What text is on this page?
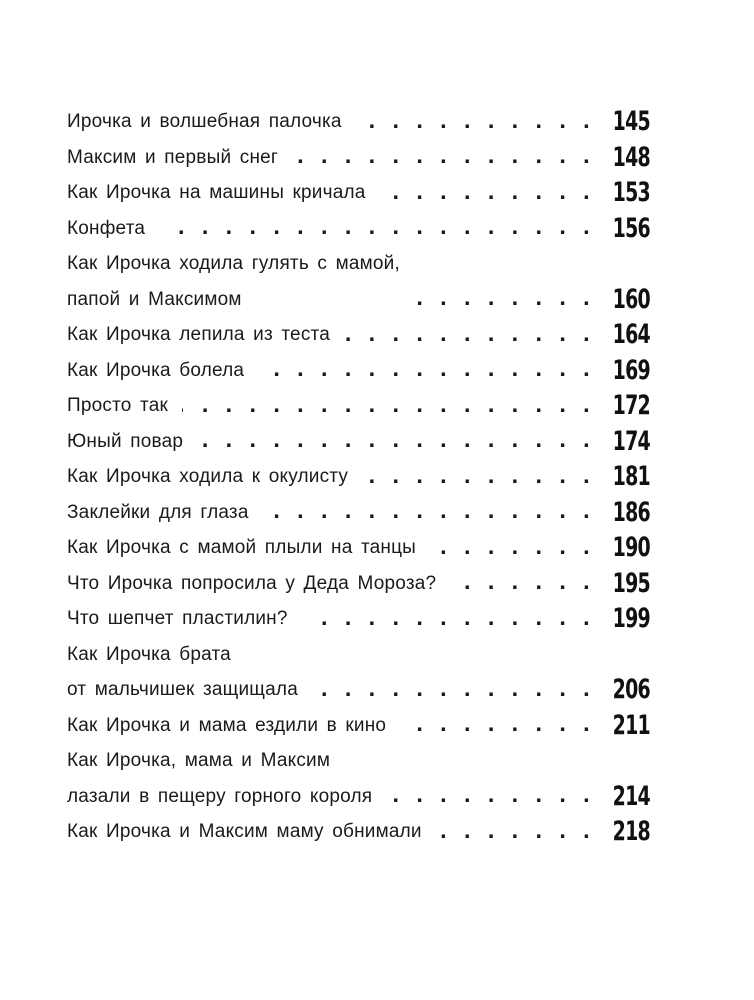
Ирочка и волшебная палочка . . .	145
Максим и первый снег . . .	148
Как Ирочка на машины кричала . . .	153
Конфета . . .	156
Как Ирочка ходила гулять с мамой,
папой и Максимом . . .	160
Как Ирочка лепила из теста . . .	164
Как Ирочка болела . . .	169
Просто так . . .	172
Юный повар . . .	174
Как Ирочка ходила к окулисту . . .	181
Заклейки для глаза . . .	186
Как Ирочка с мамой плыли на танцы . . .	190
Что Ирочка попросила у Деда Мороза? . . .	195
Что шепчет пластилин? . . .	199
Как Ирочка брата
от мальчишек защищала . . .	206
Как Ирочка и мама ездили в кино . . .	211
Как Ирочка, мама и Максим
лазали в пещеру горного короля . . .	214
Как Ирочка и Максим маму обнимали . . .	218
